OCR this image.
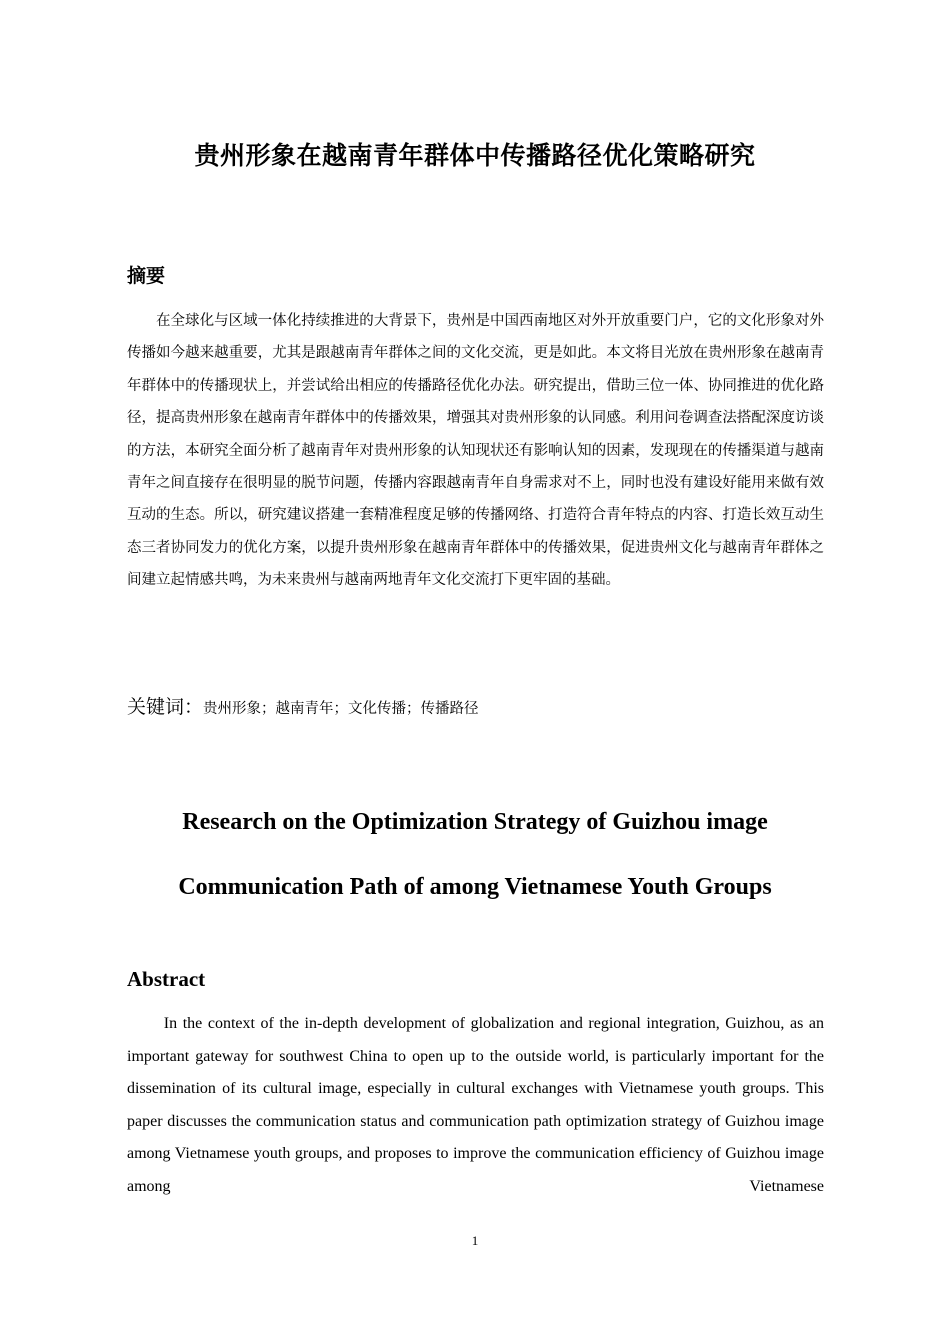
贵州形象在越南青年群体中传播路径优化策略研究
摘要

在全球化与区域一体化持续推进的大背景下，贵州是中国西南地区对外开放重要门户，它的文化形象对外传播如今越来越重要，尤其是跟越南青年群体之间的文化交流，更是如此。本文将目光放在贵州形象在越南青年群体中的传播现状上，并尝试给出相应的传播路径优化办法。研究提出，借助三位一体、协同推进的优化路径，提高贵州形象在越南青年群体中的传播效果，增强其对贵州形象的认同感。利用问卷调查法搭配深度访谈的方法，本研究全面分析了越南青年对贵州形象的认知现状还有影响认知的因素，发现现在的传播渠道与越南青年之间直接存在很明显的脱节问题，传播内容跟越南青年自身需求对不上，同时也没有建设好能用来做有效互动的生态。所以，研究建议搭建一套精准程度足够的传播网络、打造符合青年特点的内容、打造长效互动生态三者协同发力的优化方案，以提升贵州形象在越南青年群体中的传播效果，促进贵州文化与越南青年群体之间建立起情感共鸣，为未来贵州与越南两地青年文化交流打下更牢固的基础。

关键词：贵州形象；越南青年；文化传播；传播路径

Research on the Optimization Strategy of Guizhou image Communication Path of among Vietnamese Youth Groups

Abstract

In the context of the in-depth development of globalization and regional integration, Guizhou, as an important gateway for southwest China to open up to the outside world, is particularly important for the dissemination of its cultural image, especially in cultural exchanges with Vietnamese youth groups. This paper discusses the communication status and communication path optimization strategy of Guizhou image among Vietnamese youth groups, and proposes to improve the communication efficiency of Guizhou image among Vietnamese

1
